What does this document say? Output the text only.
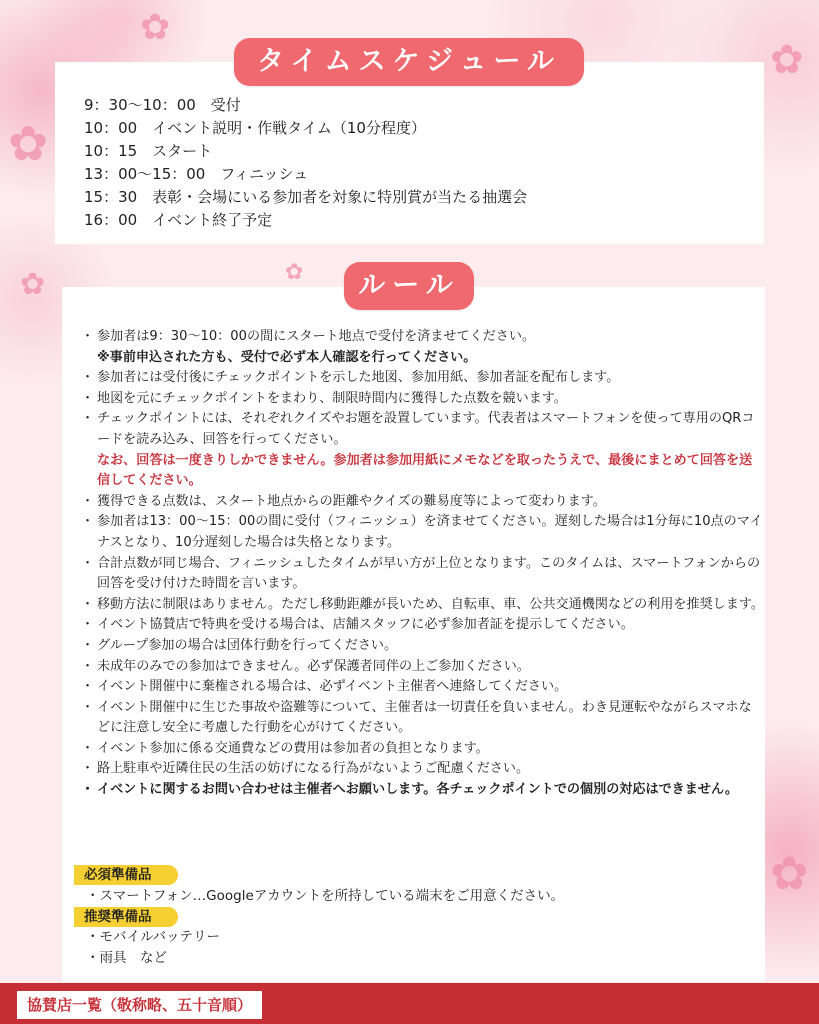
✿
✿
✿
✿
✿
✿
タイムスケジュール
9：30〜10：00　受付
10：00　イベント説明・作戦タイム（10分程度）
10：15　スタート
13：00〜15：00　フィニッシュ
15：30　表彰・会場にいる参加者を対象に特別賞が当たる抽選会
16：00　イベント終了予定
ルール
・ 参加者は9：30〜10：00の間にスタート地点で受付を済ませてください。
※事前申込された方も、受付で必ず本人確認を行ってください。
・ 参加者には受付後にチェックポイントを示した地図、参加用紙、参加者証を配布します。
・ 地図を元にチェックポイントをまわり、制限時間内に獲得した点数を競います。
・ チェックポイントには、それぞれクイズやお題を設置しています。代表者はスマートフォンを使って専用のQRコードを読み込み、回答を行ってください。
なお、回答は一度きりしかできません。参加者は参加用紙にメモなどを取ったうえで、最後にまとめて回答を送信してください。
・ 獲得できる点数は、スタート地点からの距離やクイズの難易度等によって変わります。
・ 参加者は13：00〜15：00の間に受付（フィニッシュ）を済ませてください。遅刻した場合は1分毎に10点のマイナスとなり、10分遅刻した場合は失格となります。
・ 合計点数が同じ場合、フィニッシュしたタイムが早い方が上位となります。このタイムは、スマートフォンからの回答を受け付けた時間を言います。
・ 移動方法に制限はありません。ただし移動距離が長いため、自転車、車、公共交通機関などの利用を推奨します。
・ イベント協賛店で特典を受ける場合は、店舗スタッフに必ず参加者証を提示してください。
・ グループ参加の場合は団体行動を行ってください。
・ 未成年のみでの参加はできません。必ず保護者同伴の上ご参加ください。
・ イベント開催中に棄権される場合は、必ずイベント主催者へ連絡してください。
・ イベント開催中に生じた事故や盗難等について、主催者は一切責任を負いません。わき見運転やながらスマホなどに注意し安全に考慮した行動を心がけてください。
・ イベント参加に係る交通費などの費用は参加者の負担となります。
・ 路上駐車や近隣住民の生活の妨げになる行為がないようご配慮ください。
・ イベントに関するお問い合わせは主催者へお願いします。各チェックポイントでの個別の対応はできません。
必須準備品
・スマートフォン…Googleアカウントを所持している端末をご用意ください。
推奨準備品
・モバイルバッテリー
・雨具　など
協賛店一覧（敬称略、五十音順）
